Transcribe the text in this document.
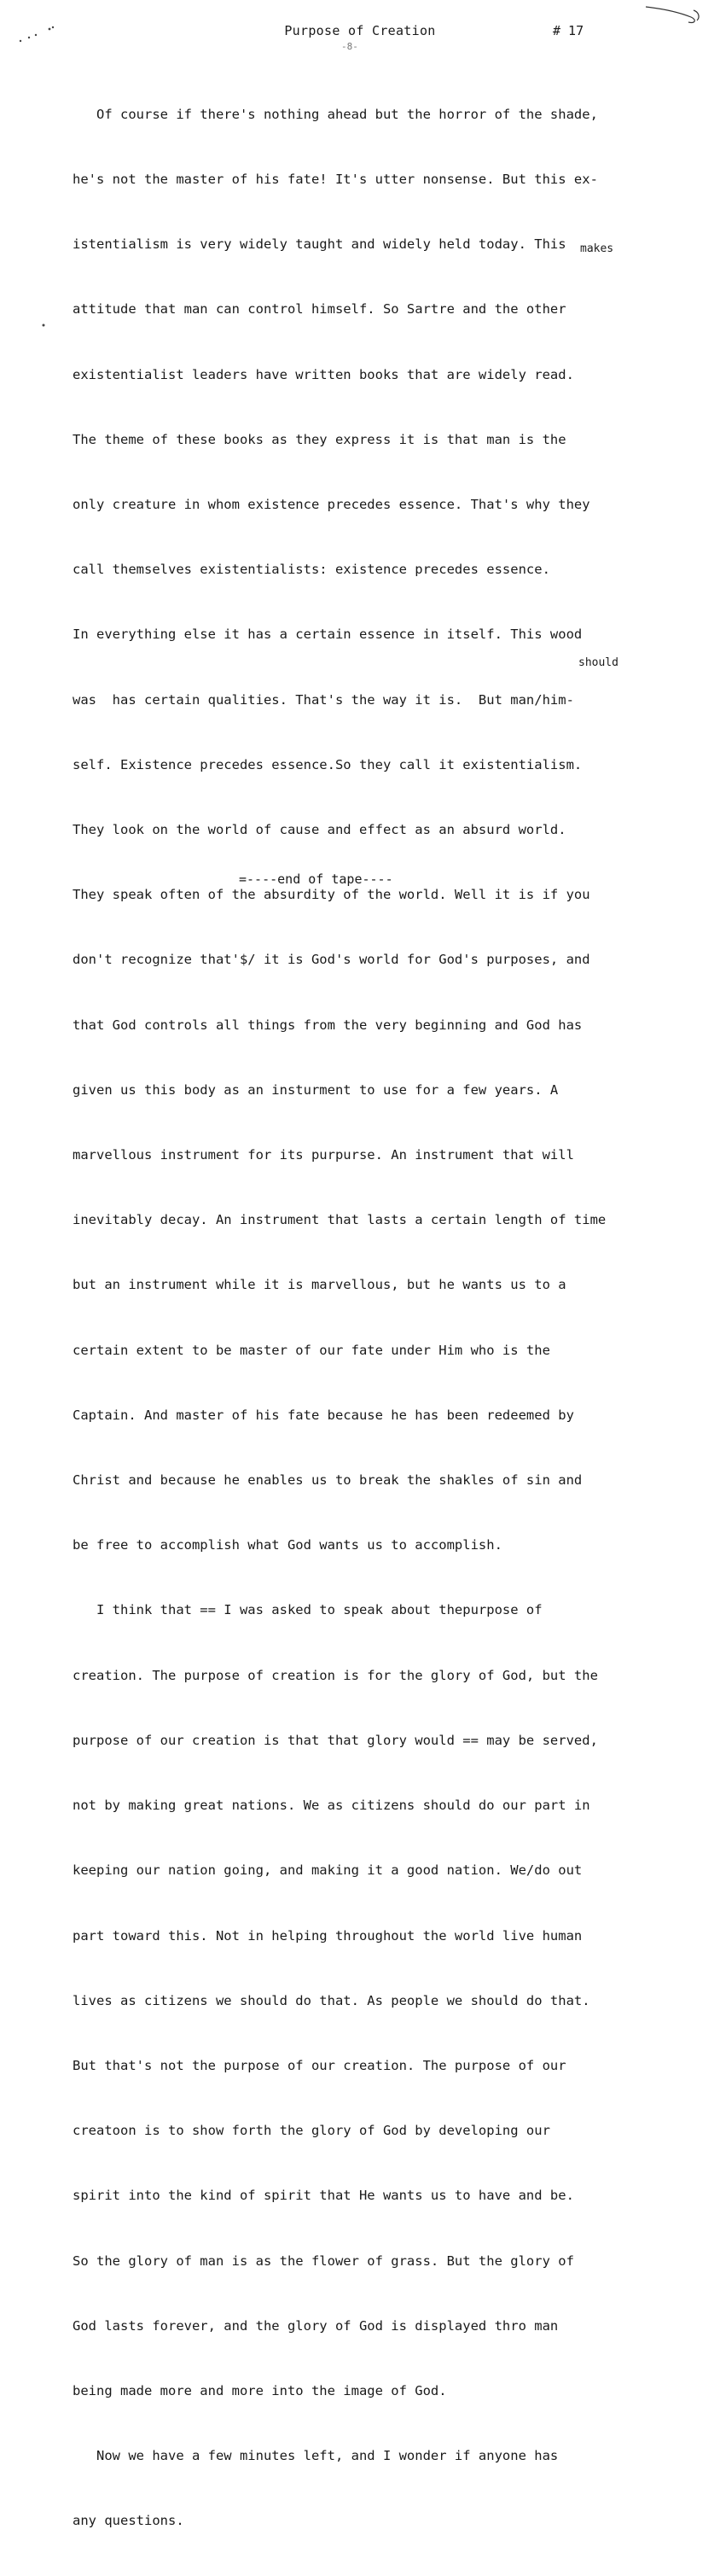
Purpose of Creation	# 17
-8-

Of course if there's nothing ahead but the horror of the shade,

he's not the master of his fate! It's utter nonsense. But this ex-

istentialism is very widely taught and widely held today. This

attitude that man can control himself. So Sartre and the other

existentialist leaders have written books that are widely read.

The theme of these books as they express it is that man is the

only creature in whom existence precedes essence. That's why they

call themselves existentialists: existence precedes essence.

In everything else it has a certain essence in itself. This wood

was  has certain qualities. That's the way it is.  But man/him-

self. Existence precedes essence.So they call it existentialism.

They look on the world of cause and effect as an absurd world.

They speak often of the absurdity of the world. Well it is if you

don't recognize that'$/ it is God's world for God's purposes, and

that God controls all things from the very beginning and God has

given us this body as an insturment to use for a few years. A

marvellous instrument for its purpurse. An instrument that will

inevitably decay. An instrument that lasts a certain length of time

but an instrument while it is marvellous, but he wants us to a

certain extent to be master of our fate under Him who is the

Captain. And master of his fate because he has been redeemed by

Christ and because he enables us to break the shakles of sin and

be free to accomplish what God wants us to accomplish.

I think that == I was asked to speak about thepurpose of

creation. The purpose of creation is for the glory of God, but the

purpose of our creation is that that glory would == may be served,

not by making great nations. We as citizens should do our part in

keeping our nation going, and making it a good nation. We/do out

part toward this. Not in helping throughout the world live human

lives as citizens we should do that. As people we should do that.

But that's not the purpose of our creation. The purpose of our

creatoon is to show forth the glory of God by developing our

spirit into the kind of spirit that He wants us to have and be.

So the glory of man is as the flower of grass. But the glory of

God lasts forever, and the glory of God is displayed thro man

being made more and more into the image of God.

Now we have a few minutes left, and I wonder if anyone has

any questions.

makes
should
=----end of tape----
